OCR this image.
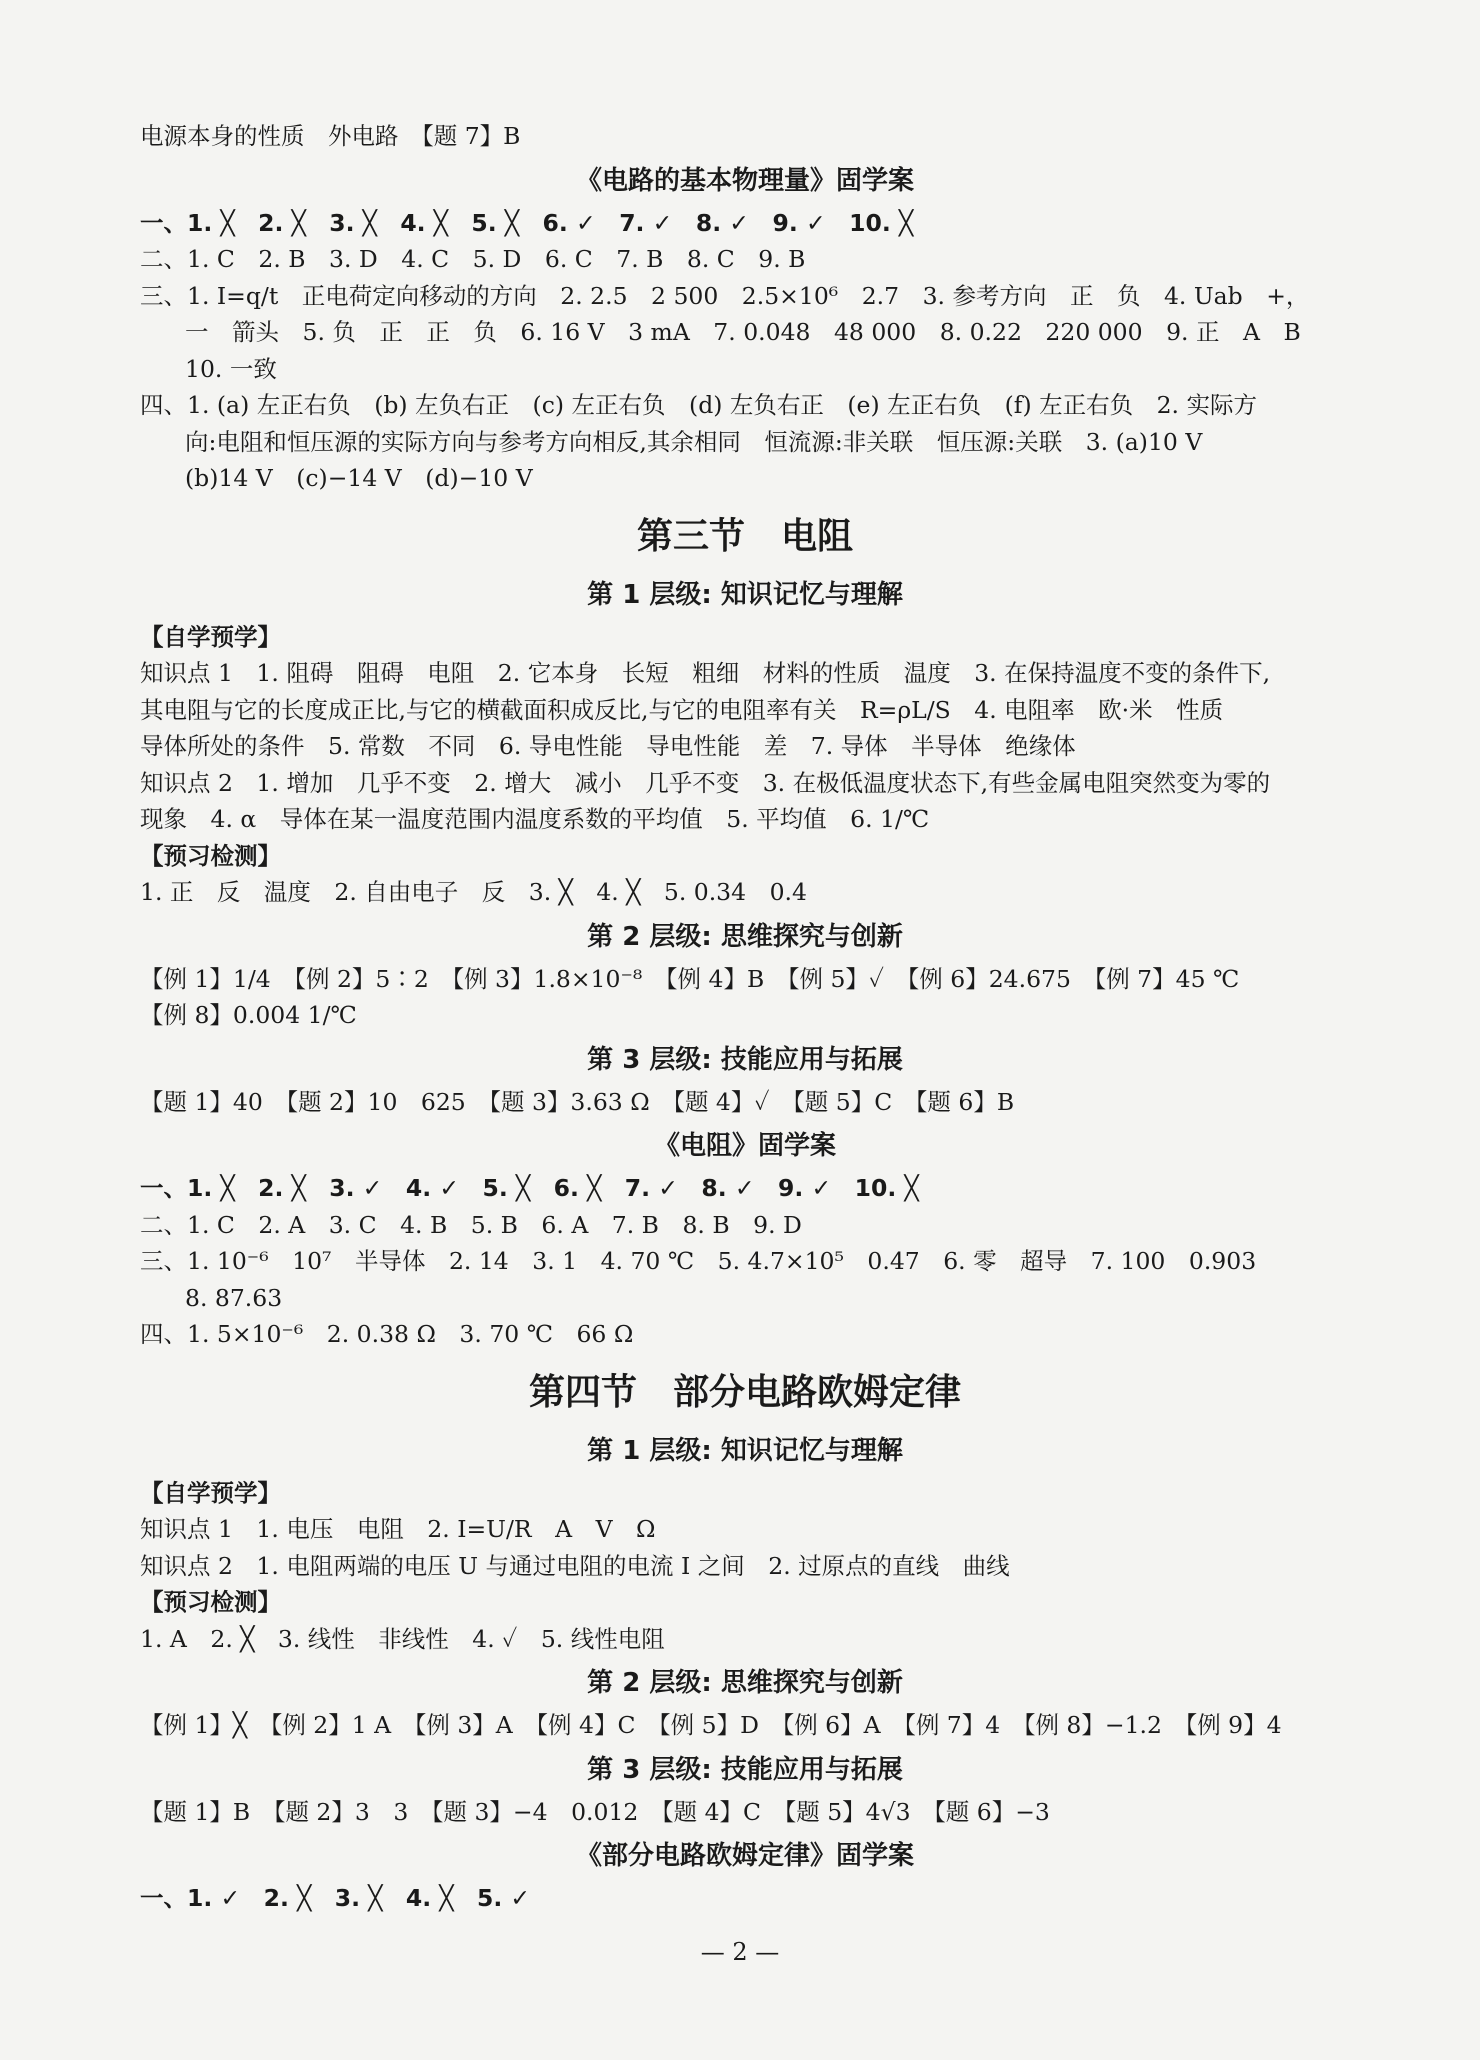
电源本身的性质　外电路　【题 7】B
《电路的基本物理量》固学案
一、1. ╳　2. ╳　3. ╳　4. ╳　5. ╳　6. ✓　7. ✓　8. ✓　9. ✓　10. ╳
二、1. C　2. B　3. D　4. C　5. D　6. C　7. B　8. C　9. B
三、1. I=q/t　正电荷定向移动的方向　2. 2.5　2 500　2.5×10⁶　2.7　3. 参考方向　正　负　4. Uab　+，
一　箭头　5. 负　正　正　负　6. 16 V　3 mA　7. 0.048　48 000　8. 0.22　220 000　9. 正　A　B
10. 一致
四、1. (a) 左正右负　(b) 左负右正　(c) 左正右负　(d) 左负右正　(e) 左正右负　(f) 左正右负　2. 实际方
向:电阻和恒压源的实际方向与参考方向相反,其余相同　恒流源:非关联　恒压源:关联　3. (a)10 V
(b)14 V　(c)−14 V　(d)−10 V
第三节　电阻
第 1 层级: 知识记忆与理解
【自学预学】
知识点 1　1. 阻碍　阻碍　电阻　2. 它本身　长短　粗细　材料的性质　温度　3. 在保持温度不变的条件下,
其电阻与它的长度成正比,与它的横截面积成反比,与它的电阻率有关　R=ρL/S　4. 电阻率　欧·米　性质
导体所处的条件　5. 常数　不同　6. 导电性能　导电性能　差　7. 导体　半导体　绝缘体
知识点 2　1. 增加　几乎不变　2. 增大　减小　几乎不变　3. 在极低温度状态下,有些金属电阻突然变为零的
现象　4. α　导体在某一温度范围内温度系数的平均值　5. 平均值　6. 1/℃
【预习检测】
1. 正　反　温度　2. 自由电子　反　3. ╳　4. ╳　5. 0.34　0.4
第 2 层级: 思维探究与创新
【例 1】1/4　【例 2】5∶2　【例 3】1.8×10⁻⁸　【例 4】B　【例 5】✓　【例 6】24.675　【例 7】45 ℃
【例 8】0.004 1/℃
第 3 层级: 技能应用与拓展
【题 1】40　【题 2】10　625　【题 3】3.63 Ω　【题 4】✓　【题 5】C　【题 6】B
《电阻》固学案
一、1. ╳　2. ╳　3. ✓　4. ✓　5. ╳　6. ╳　7. ✓　8. ✓　9. ✓　10. ╳
二、1. C　2. A　3. C　4. B　5. B　6. A　7. B　8. B　9. D
三、1. 10⁻⁶　10⁷　半导体　2. 14　3. 1　4. 70 ℃　5. 4.7×10⁵　0.47　6. 零　超导　7. 100　0.903
8. 87.63
四、1. 5×10⁻⁶　2. 0.38 Ω　3. 70 ℃　66 Ω
第四节　部分电路欧姆定律
第 1 层级: 知识记忆与理解
【自学预学】
知识点 1　1. 电压　电阻　2. I=U/R　A　V　Ω
知识点 2　1. 电阻两端的电压 U 与通过电阻的电流 I 之间　2. 过原点的直线　曲线
【预习检测】
1. A　2. ╳　3. 线性　非线性　4. ✓　5. 线性电阻
第 2 层级: 思维探究与创新
【例 1】╳　【例 2】1 A　【例 3】A　【例 4】C　【例 5】D　【例 6】A　【例 7】4　【例 8】−1.2　【例 9】4
第 3 层级: 技能应用与拓展
【题 1】B　【题 2】3　3　【题 3】−4　0.012　【题 4】C　【题 5】4√3　【题 6】−3
《部分电路欧姆定律》固学案
一、1. ✓　2. ╳　3. ╳　4. ╳　5. ✓
— 2 —
